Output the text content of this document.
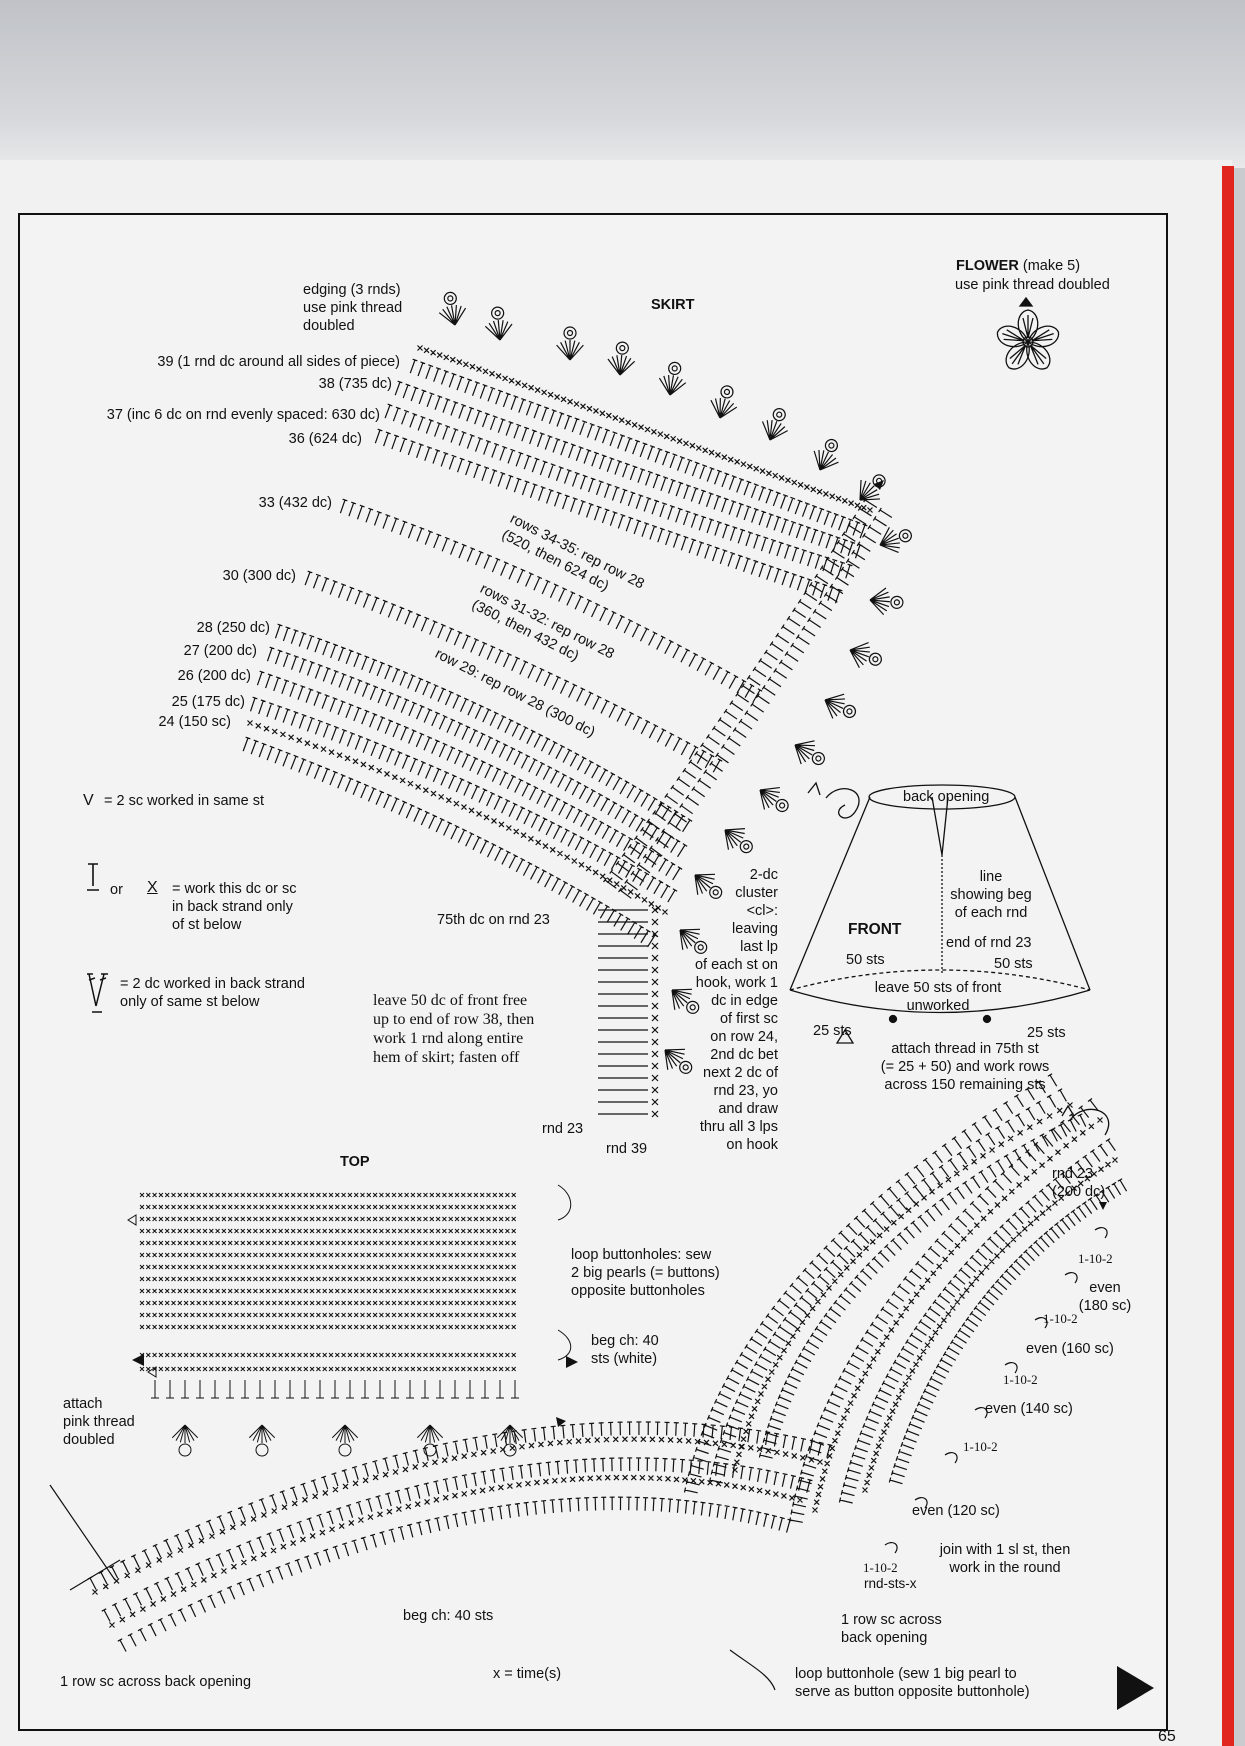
SKIRT
edging (3 rnds)
use pink thread
doubled
39 (1 rnd dc around all sides of piece)
38 (735 dc)
37 (inc 6 dc on rnd evenly spaced: 630 dc)
36 (624 dc)
33 (432 dc)
30 (300 dc)
28 (250 dc)
27 (200 dc)
26 (200 dc)
25 (175 dc)
24 (150 sc)
rows 34-35: rep row 28
(520, then 624 dc)
rows 31-32: rep row 28
(360, then 432 dc)
row 29: rep row 28 (300 dc)
75th dc on rnd 23
leave 50 dc of front free
up to end of row 38, then
work 1 rnd along entire
hem of skirt; fasten off
rnd 23
rnd 39
2-dc
cluster
<cl>:
leaving
last lp
of each st on
hook, work 1
dc in edge
of first sc
on row 24,
2nd dc bet
next 2 dc of
rnd 23, yo
and draw
thru all 3 lps
on hook
V = 2 sc worked in same st
or X = work this dc or sc
in back strand only
of st below
= 2 dc worked in back strand
only of same st below
x = time(s)
FLOWER (make 5)
use pink thread doubled
back opening
line
showing beg
of each rnd
FRONT
end of rnd 23
50 sts	50 sts
leave 50 sts of front
unworked
25 sts	25 sts
attach thread in 75th st
(= 25 + 50) and work rows
across 150 remaining sts
TOP
loop buttonholes: sew
2 big pearls (= buttons)
opposite buttonholes
beg ch: 40
sts (white)
attach
pink thread
doubled
rnd 23
(200 dc)
1-10-2
even
(180 sc)
1-10-2
even (160 sc)
1-10-2
even (140 sc)
1-10-2
even (120 sc)
1-10-2
rnd-sts-x
join with 1 sl st, then
work in the round
1 row sc across
back opening
loop buttonhole (sew 1 big pearl to
serve as button opposite buttonhole)
beg ch: 40 sts
1 row sc across back opening
65
